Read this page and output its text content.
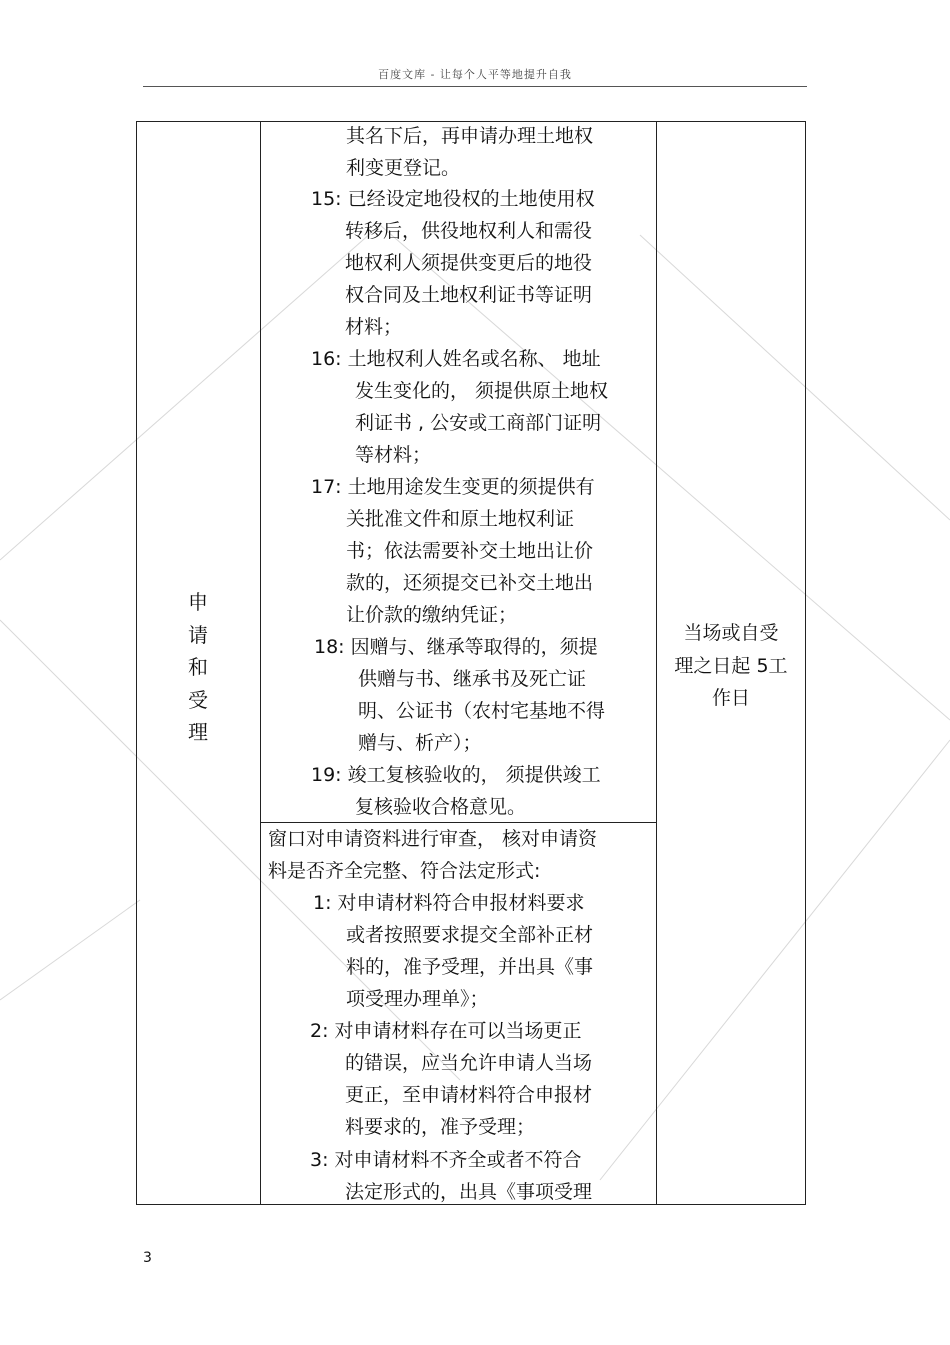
百度文库 - 让每个人平等地提升自我
申
请
和
受
理
当场或自受
理之日起 5工
作日
其名下后，再申请办理土地权
利变更登记。
15: 已经设定地役权的土地使用权
转移后，供役地权利人和需役
地权利人须提供变更后的地役
权合同及土地权利证书等证明
材料；
16: 土地权利人姓名或名称、 地址
发生变化的， 须提供原土地权
利证书 , 公安或工商部门证明
等材料；
17: 土地用途发生变更的须提供有
关批准文件和原土地权利证
书；依法需要补交土地出让价
款的，还须提交已补交土地出
让价款的缴纳凭证；
18: 因赠与、继承等取得的，须提
供赠与书、继承书及死亡证
明、公证书（农村宅基地不得
赠与、析产）；
19: 竣工复核验收的， 须提供竣工
复核验收合格意见。
窗口对申请资料进行审查， 核对申请资
料是否齐全完整、符合法定形式:
1: 对申请材料符合申报材料要求
或者按照要求提交全部补正材
料的，准予受理，并出具《事
项受理办理单》；
2: 对申请材料存在可以当场更正
的错误，应当允许申请人当场
更正，至申请材料符合申报材
料要求的，准予受理；
3: 对申请材料不齐全或者不符合
法定形式的，出具《事项受理
3
